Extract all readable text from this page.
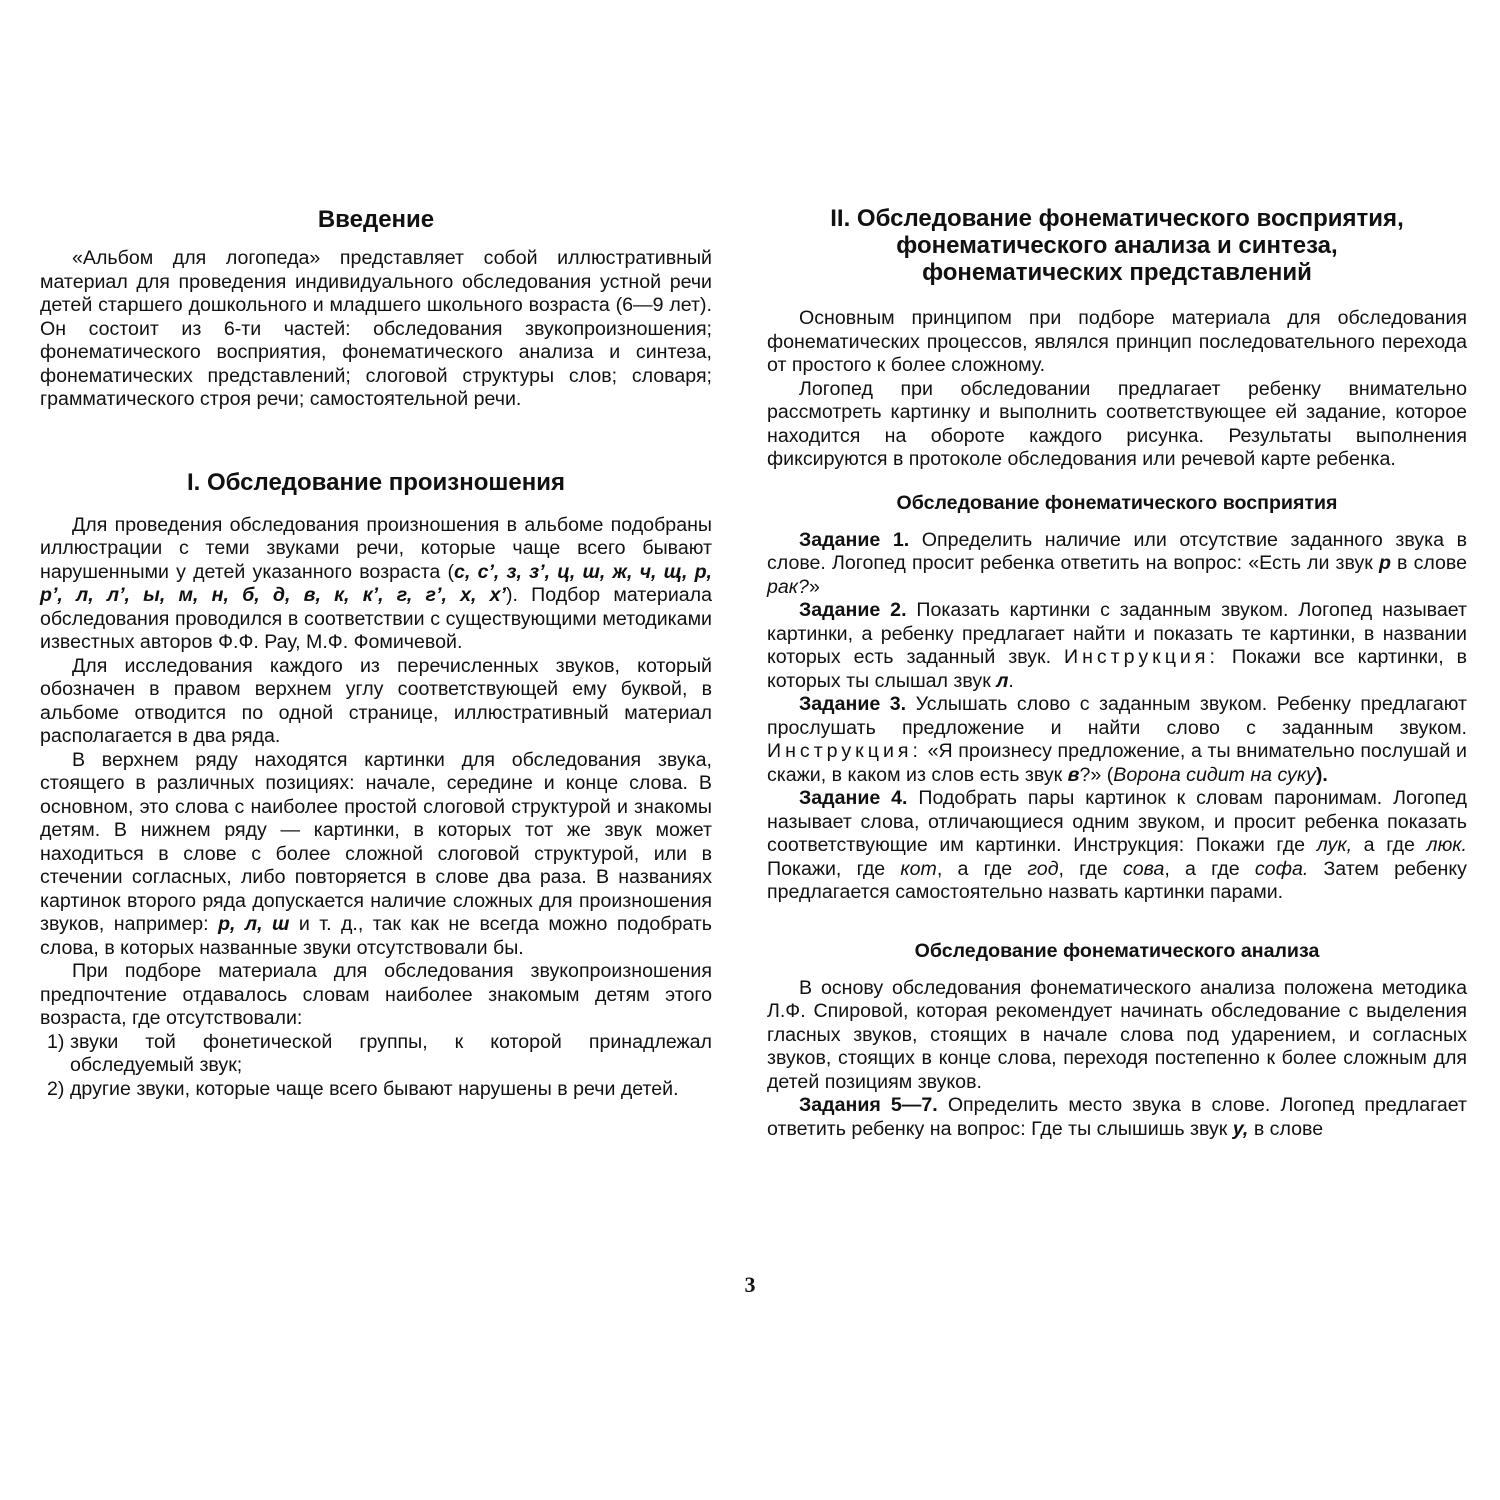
Введение

«Альбом для логопеда» представляет собой иллюстративный материал для проведения индивидуального обследования устной речи детей старшего дошкольного и младшего школьного возраста (6—9 лет). Он состоит из 6-ти частей: обследования звукопроизношения; фонематического восприятия, фонематического анализа и синтеза, фонематических представлений; слоговой структуры слов; словаря; грамматического строя речи; самостоятельной речи.

I. Обследование произношения

Для проведения обследования произношения в альбоме подобраны иллюстрации с теми звуками речи, которые чаще всего бывают нарушенными у детей указанного возраста (с, с’, з, з’, ц, ш, ж, ч, щ, р, р’, л, л’, ы, м, н, б, д, в, к, к’, г, г’, х, х’). Подбор материала обследования проводился в соответствии с существующими методиками известных авторов Ф.Ф. Рау, М.Ф. Фомичевой.

Для исследования каждого из перечисленных звуков, который обозначен в правом верхнем углу соответствующей ему буквой, в альбоме отводится по одной странице, иллюстративный материал располагается в два ряда.

В верхнем ряду находятся картинки для обследования звука, стоящего в различных позициях: начале, середине и конце слова. В основном, это слова с наиболее простой слоговой структурой и знакомы детям. В нижнем ряду — картинки, в которых тот же звук может находиться в слове с более сложной слоговой структурой, или в стечении согласных, либо повторяется в слове два раза. В названиях картинок второго ряда допускается наличие сложных для произношения звуков, например: р, л, ш и т. д., так как не всегда можно подобрать слова, в которых названные звуки отсутствовали бы.

При подборе материала для обследования звукопроизношения предпочтение отдавалось словам наиболее знакомым детям этого возраста, где отсутствовали:

1) звуки той фонетической группы, к которой принадлежал обследуемый звук;
2) другие звуки, которые чаще всего бывают нарушены в речи детей.
II. Обследование фонематического восприятия,
фонематического анализа и синтеза,
фонематических представлений

Основным принципом при подборе материала для обследования фонематических процессов, являлся принцип последовательного перехода от простого к более сложному.

Логопед при обследовании предлагает ребенку внимательно рассмотреть картинку и выполнить соответствующее ей задание, которое находится на обороте каждого рисунка. Результаты выполнения фиксируются в протоколе обследования или речевой карте ребенка.

Обследование фонематического восприятия

Задание 1. Определить наличие или отсутствие заданного звука в слове. Логопед просит ребенка ответить на вопрос: «Есть ли звук р в слове рак?»

Задание 2. Показать картинки с заданным звуком. Логопед называет картинки, а ребенку предлагает найти и показать те картинки, в названии которых есть заданный звук. Инструкция: Покажи все картинки, в которых ты слышал звук л.

Задание 3. Услышать слово с заданным звуком. Ребенку предлагают прослушать предложение и найти слово с заданным звуком. Инструкция: «Я произнесу предложение, а ты внимательно послушай и скажи, в каком из слов есть звук в?» (Ворона сидит на суку).

Задание 4. Подобрать пары картинок к словам паронимам. Логопед называет слова, отличающиеся одним звуком, и просит ребенка показать соответствующие им картинки. Инструкция: Покажи где лук, а где люк. Покажи, где кот, а где год, где сова, а где софа. Затем ребенку предлагается самостоятельно назвать картинки парами.

Обследование фонематического анализа

В основу обследования фонематического анализа положена методика Л.Ф. Спировой, которая рекомендует начинать обследование с выделения гласных звуков, стоящих в начале слова под ударением, и согласных звуков, стоящих в конце слова, переходя постепенно к более сложным для детей позициям звуков.

Задания 5—7. Определить место звука в слове. Логопед предлагает ответить ребенку на вопрос: Где ты слышишь звук у, в слове

3
